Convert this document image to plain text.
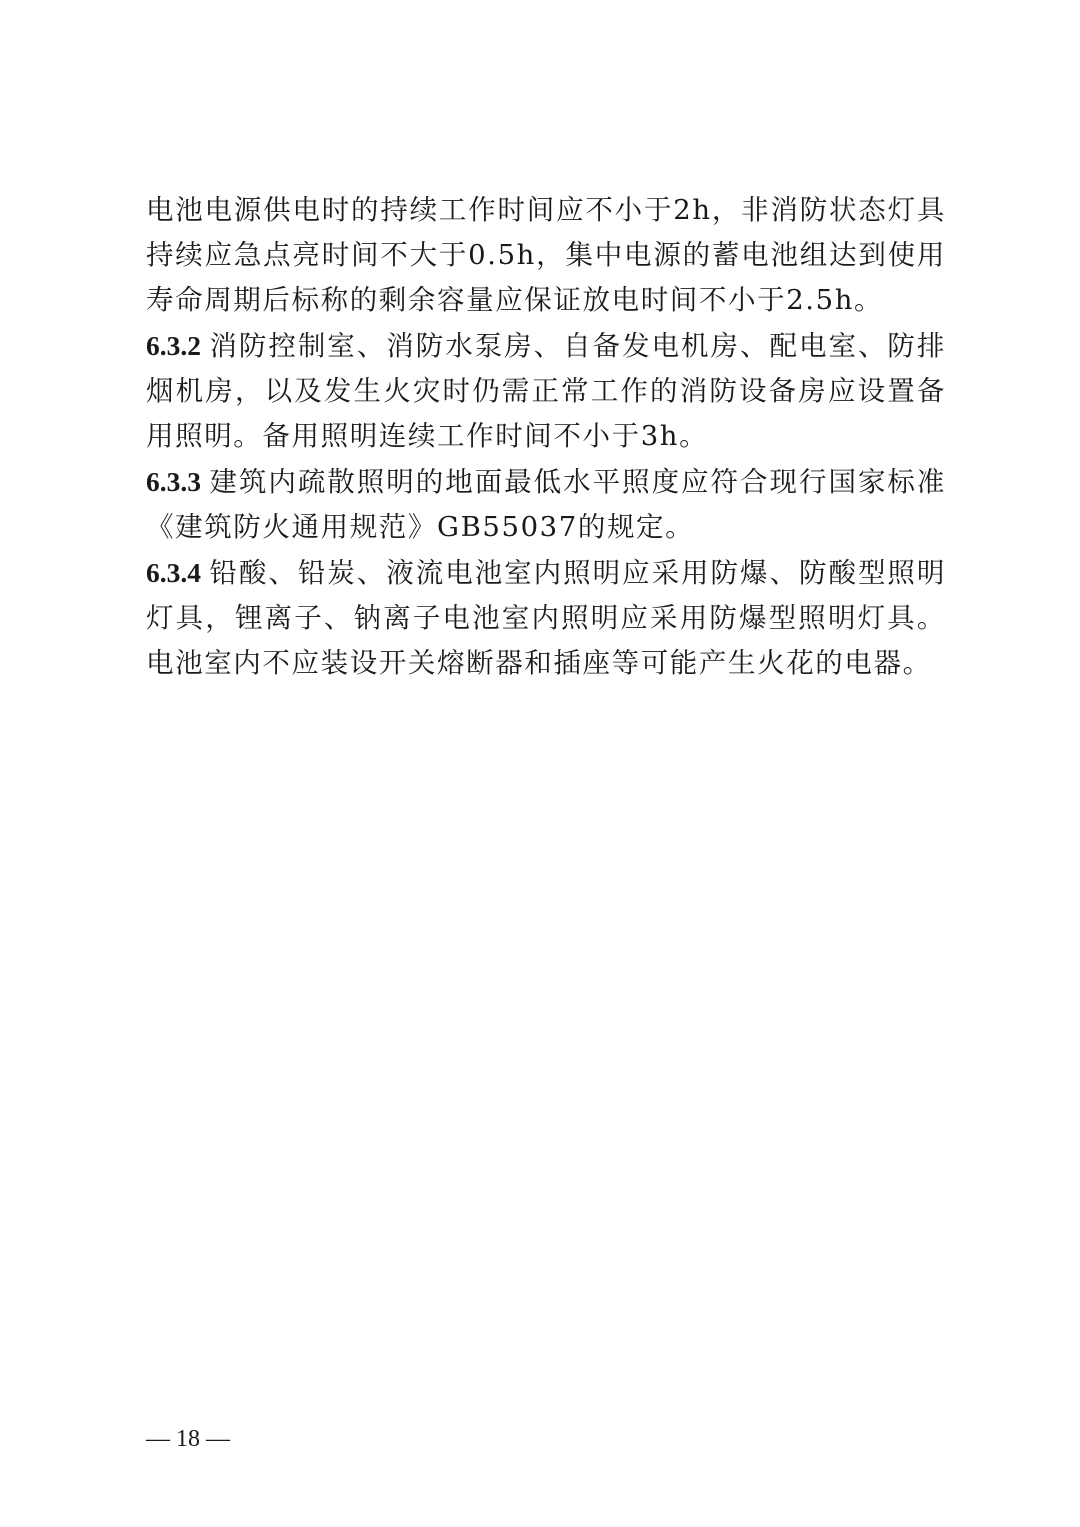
电池电源供电时的持续工作时间应不小于2h，非消防状态灯具持续应急点亮时间不大于0.5h，集中电源的蓄电池组达到使用寿命周期后标称的剩余容量应保证放电时间不小于2.5h。

6.3.2 消防控制室、消防水泵房、自备发电机房、配电室、防排烟机房，以及发生火灾时仍需正常工作的消防设备房应设置备用照明。备用照明连续工作时间不小于3h。

6.3.3 建筑内疏散照明的地面最低水平照度应符合现行国家标准《建筑防火通用规范》GB55037的规定。

6.3.4 铅酸、铅炭、液流电池室内照明应采用防爆、防酸型照明灯具，锂离子、钠离子电池室内照明应采用防爆型照明灯具。电池室内不应装设开关熔断器和插座等可能产生火花的电器。

— 18 —
